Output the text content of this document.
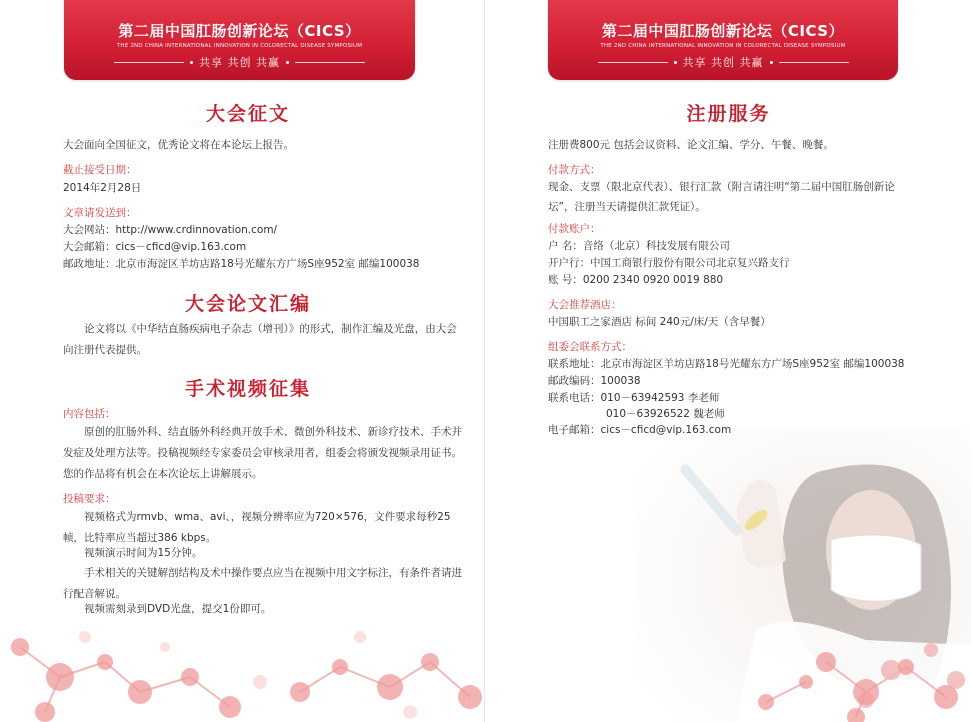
第二届中国肛肠创新论坛（CICS）
THE 2ND CHINA INTERNATIONAL INNOVATION IN COLORECTAL DISEASE SYMPOSIUM
共享 共创 共赢
大会征文
大会面向全国征文，优秀论文将在本论坛上报告。
截止接受日期：
2014年2月28日
文章请发送到：
大会网站：http://www.crdinnovation.com/
大会邮箱：cics－cficd@vip.163.com
邮政地址：北京市海淀区羊坊店路18号光耀东方广场S座952室 邮编100038
大会论文汇编
论文将以《中华结直肠疾病电子杂志（增刊）》的形式，制作汇编及光盘，由大会向注册代表提供。
手术视频征集
内容包括：
原创的肛肠外科、结直肠外科经典开放手术、微创外科技术、新诊疗技术、手术并发症及处理方法等。投稿视频经专家委员会审核录用者，组委会将颁发视频录用证书。您的作品将有机会在本次论坛上讲解展示。
投稿要求：
视频格式为rmvb、wma、avi、，视频分辨率应为720×576，文件要求每秒25帧，比特率应当超过386 kbps。
视频演示时间为15分钟。
手术相关的关键解剖结构及术中操作要点应当在视频中用文字标注，有条件者请进行配音解说。
视频需刻录到DVD光盘，提交1份即可。
第二届中国肛肠创新论坛（CICS）
THE 2ND CHINA INTERNATIONAL INNOVATION IN COLORECTAL DISEASE SYMPOSIUM
共享 共创 共赢
注册服务
注册费800元 包括会议资料、论文汇编、学分、午餐、晚餐。
付款方式：
现金、支票（限北京代表）、银行汇款（附言请注明“第二届中国肛肠创新论坛”，注册当天请提供汇款凭证）。
付款账户：
户 名：音络（北京）科技发展有限公司
开户行：中国工商银行股份有限公司北京复兴路支行
账 号：0200 2340 0920 0019 880
大会推荐酒店：
中国职工之家酒店 标间 240元/床/天（含早餐）
组委会联系方式：
联系地址：北京市海淀区羊坊店路18号光耀东方广场S座952室 邮编100038
邮政编码：100038
联系电话：010－63942593 李老师
010－63926522 魏老师
电子邮箱：cics－cficd@vip.163.com
